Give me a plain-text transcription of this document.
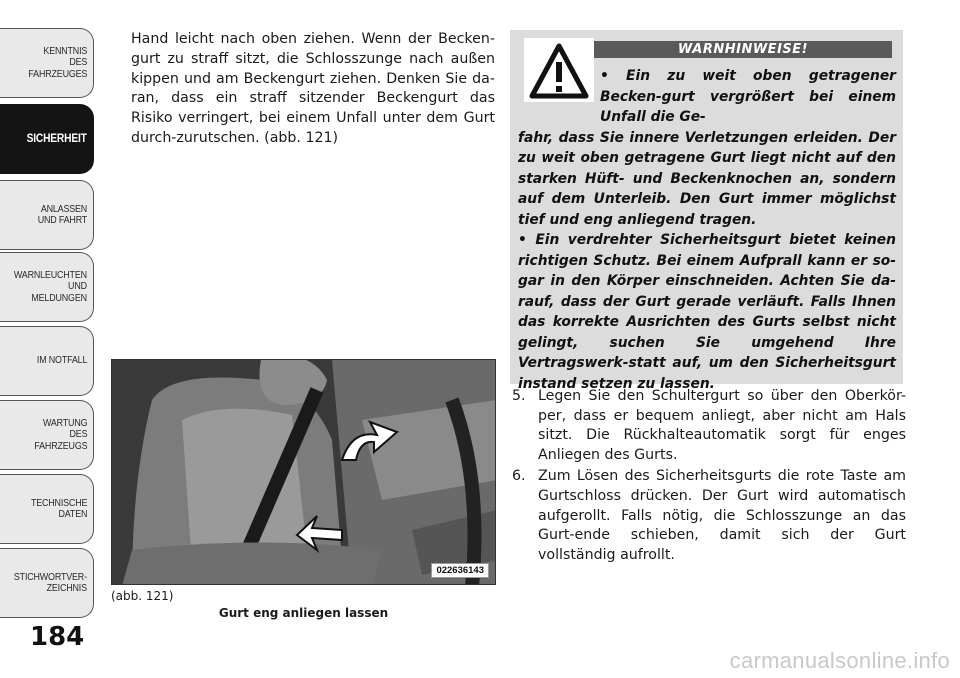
KENNTNIS
DES
FAHRZEUGES
SICHERHEIT
ANLASSEN
UND FAHRT
WARNLEUCHTEN
UND
MELDUNGEN
IM NOTFALL
WARTUNG
DES
FAHRZEUGS
TECHNISCHE
DATEN
STICHWORTVER-
ZEICHNIS
184
Hand leicht nach oben ziehen. Wenn der Becken-gurt zu straff sitzt, die Schlosszunge nach außen kippen und am Beckengurt ziehen. Denken Sie da-ran, dass ein straff sitzender Beckengurt das Risiko verringert, bei einem Unfall unter dem Gurt durch-zurutschen. (abb. 121)
022636143
(abb. 121)
Gurt eng anliegen lassen
WARNHINWEISE!
• Ein zu weit oben getragener Becken-gurt vergrößert bei einem Unfall die Ge-
fahr, dass Sie innere Verletzungen erleiden. Der zu weit oben getragene Gurt liegt nicht auf den starken Hüft- und Beckenknochen an, sondern auf dem Unterleib. Den Gurt immer möglichst tief und eng anliegend tragen.
• Ein verdrehter Sicherheitsgurt bietet keinen richtigen Schutz. Bei einem Aufprall kann er so-gar in den Körper einschneiden. Achten Sie da-rauf, dass der Gurt gerade verläuft. Falls Ihnen das korrekte Ausrichten des Gurts selbst nicht gelingt, suchen Sie umgehend Ihre Vertragswerk-statt auf, um den Sicherheitsgurt instand setzen zu lassen.
5. Legen Sie den Schultergurt so über den Oberkör-per, dass er bequem anliegt, aber nicht am Hals sitzt. Die Rückhalteautomatik sorgt für enges Anliegen des Gurts.
6. Zum Lösen des Sicherheitsgurts die rote Taste am Gurtschloss drücken. Der Gurt wird automatisch aufgerollt. Falls nötig, die Schlosszunge an das Gurt-ende schieben, damit sich der Gurt vollständig aufrollt.
carmanualsonline.info
